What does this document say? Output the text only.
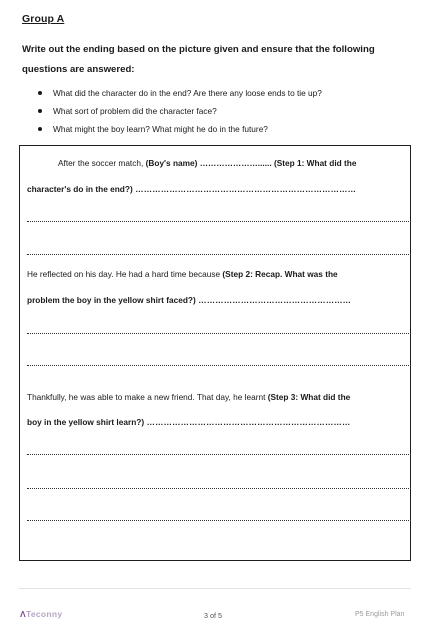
Group A
Write out the ending based on the picture given and ensure that the following questions are answered:
What did the character do in the end? Are there any loose ends to tie up?
What sort of problem did the character face?
What might the boy learn? What might he do in the future?
After the soccer match, (Boy's name) …………………...... (Step 1: What did the
character's do in the end?) ……………………………………………………………………
He reflected on his day. He had a hard time because (Step 2: Recap. What was the
problem the boy in the yellow shirt faced?) ………………………………………………
Thankfully, he was able to make a new friend. That day, he learnt (Step 3: What did the
boy in the yellow shirt learn?) ………………………………………………………………
ΛTeconny	3 of 5	P5 English Plan
